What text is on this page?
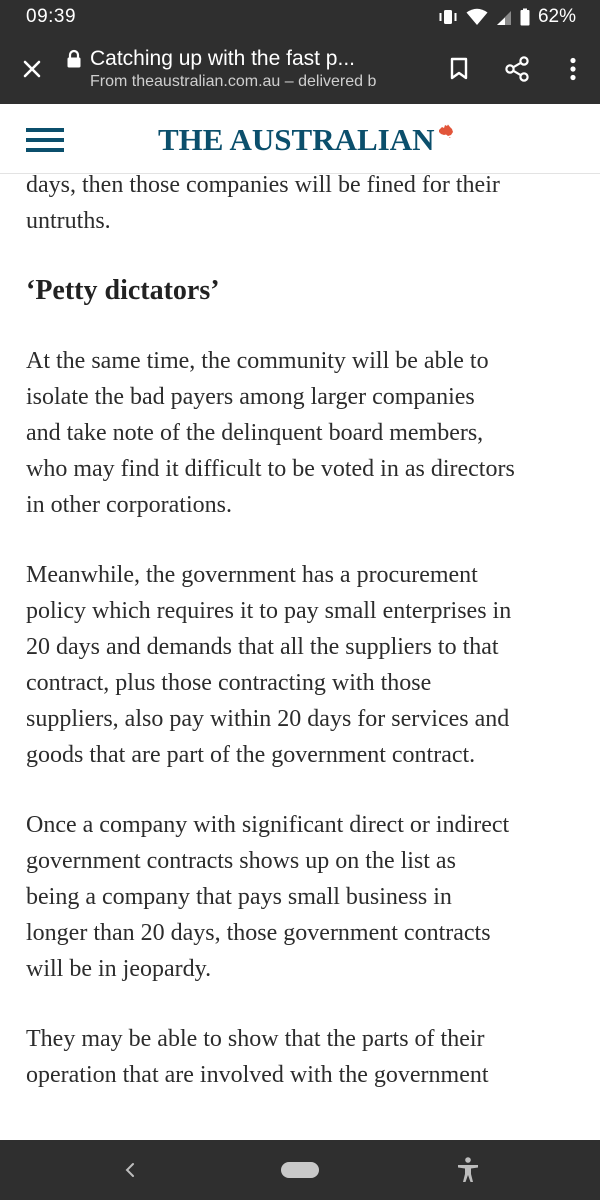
09:39	62%
Catching up with the fast p...
From theaustralian.com.au – delivered b
THE AUSTRALIAN

days, then those companies will be fined for their
untruths.

‘Petty dictators’

At the same time, the community will be able to
isolate the bad payers among larger companies
and take note of the delinquent board members,
who may find it difficult to be voted in as directors
in other corporations.

Meanwhile, the government has a procurement
policy which requires it to pay small enterprises in
20 days and demands that all the suppliers to that
contract, plus those contracting with those
suppliers, also pay within 20 days for services and
goods that are part of the government contract.

Once a company with significant direct or indirect
government contracts shows up on the list as
being a company that pays small business in
longer than 20 days, those government contracts
will be in jeopardy.

They may be able to show that the parts of their
operation that are involved with the government
